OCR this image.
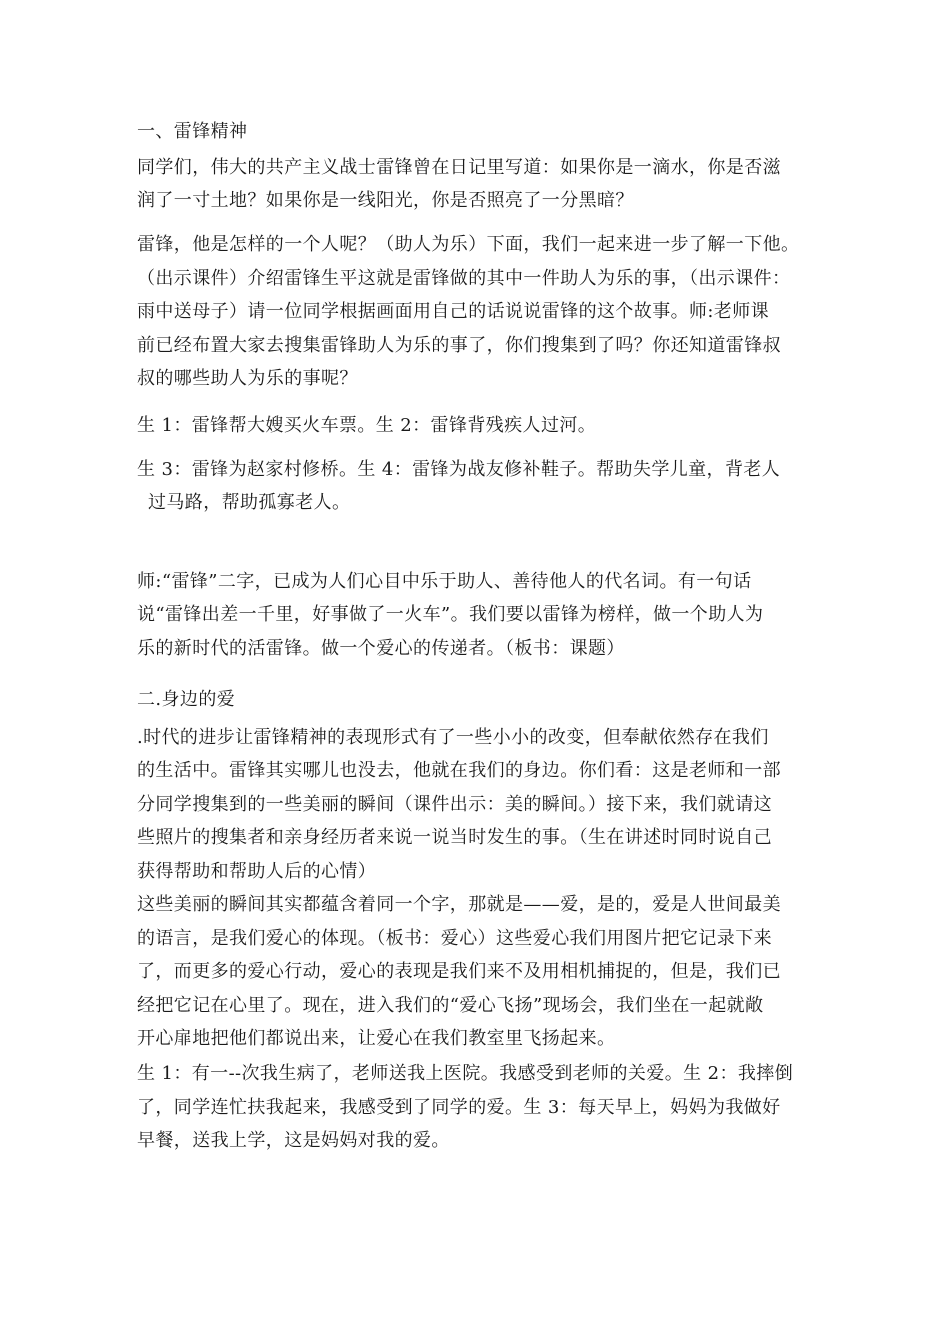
一、雷锋精神
同学们，伟大的共产主义战士雷锋曾在日记里写道：如果你是一滴水，你是否滋
润了一寸土地？如果你是一线阳光，你是否照亮了一分黑暗？
雷锋，他是怎样的一个人呢？（助人为乐）下面，我们一起来进一步了解一下他。
（出示课件）介绍雷锋生平这就是雷锋做的其中一件助人为乐的事，（出示课件：
雨中送母子）请一位同学根据画面用自己的话说说雷锋的这个故事。师:老师课
前已经布置大家去搜集雷锋助人为乐的事了，你们搜集到了吗？你还知道雷锋叔
叔的哪些助人为乐的事呢？
生 1：雷锋帮大嫂买火车票。生 2：雷锋背残疾人过河。
生 3：雷锋为赵家村修桥。生 4：雷锋为战友修补鞋子。帮助失学儿童，背老人
过马路，帮助孤寡老人。
师:“雷锋”二字，已成为人们心目中乐于助人、善待他人的代名词。有一句话
说“雷锋出差一千里，好事做了一火车”。我们要以雷锋为榜样，做一个助人为
乐的新时代的活雷锋。做一个爱心的传递者。（板书：课题）
二.身边的爱
.时代的进步让雷锋精神的表现形式有了一些小小的改变，但奉献依然存在我们
的生活中。雷锋其实哪儿也没去，他就在我们的身边。你们看：这是老师和一部
分同学搜集到的一些美丽的瞬间（课件出示：美的瞬间。）接下来，我们就请这
些照片的搜集者和亲身经历者来说一说当时发生的事。（生在讲述时同时说自己
获得帮助和帮助人后的心情）
这些美丽的瞬间其实都蕴含着同一个字，那就是——爱，是的，爱是人世间最美
的语言，是我们爱心的体现。（板书：爱心）这些爱心我们用图片把它记录下来
了，而更多的爱心行动，爱心的表现是我们来不及用相机捕捉的，但是，我们已
经把它记在心里了。现在，进入我们的“爱心飞扬”现场会，我们坐在一起就敞
开心扉地把他们都说出来，让爱心在我们教室里飞扬起来。
生 1：有一--次我生病了，老师送我上医院。我感受到老师的关爱。生 2：我摔倒
了，同学连忙扶我起来，我感受到了同学的爱。生 3：每天早上，妈妈为我做好
早餐，送我上学，这是妈妈对我的爱。
